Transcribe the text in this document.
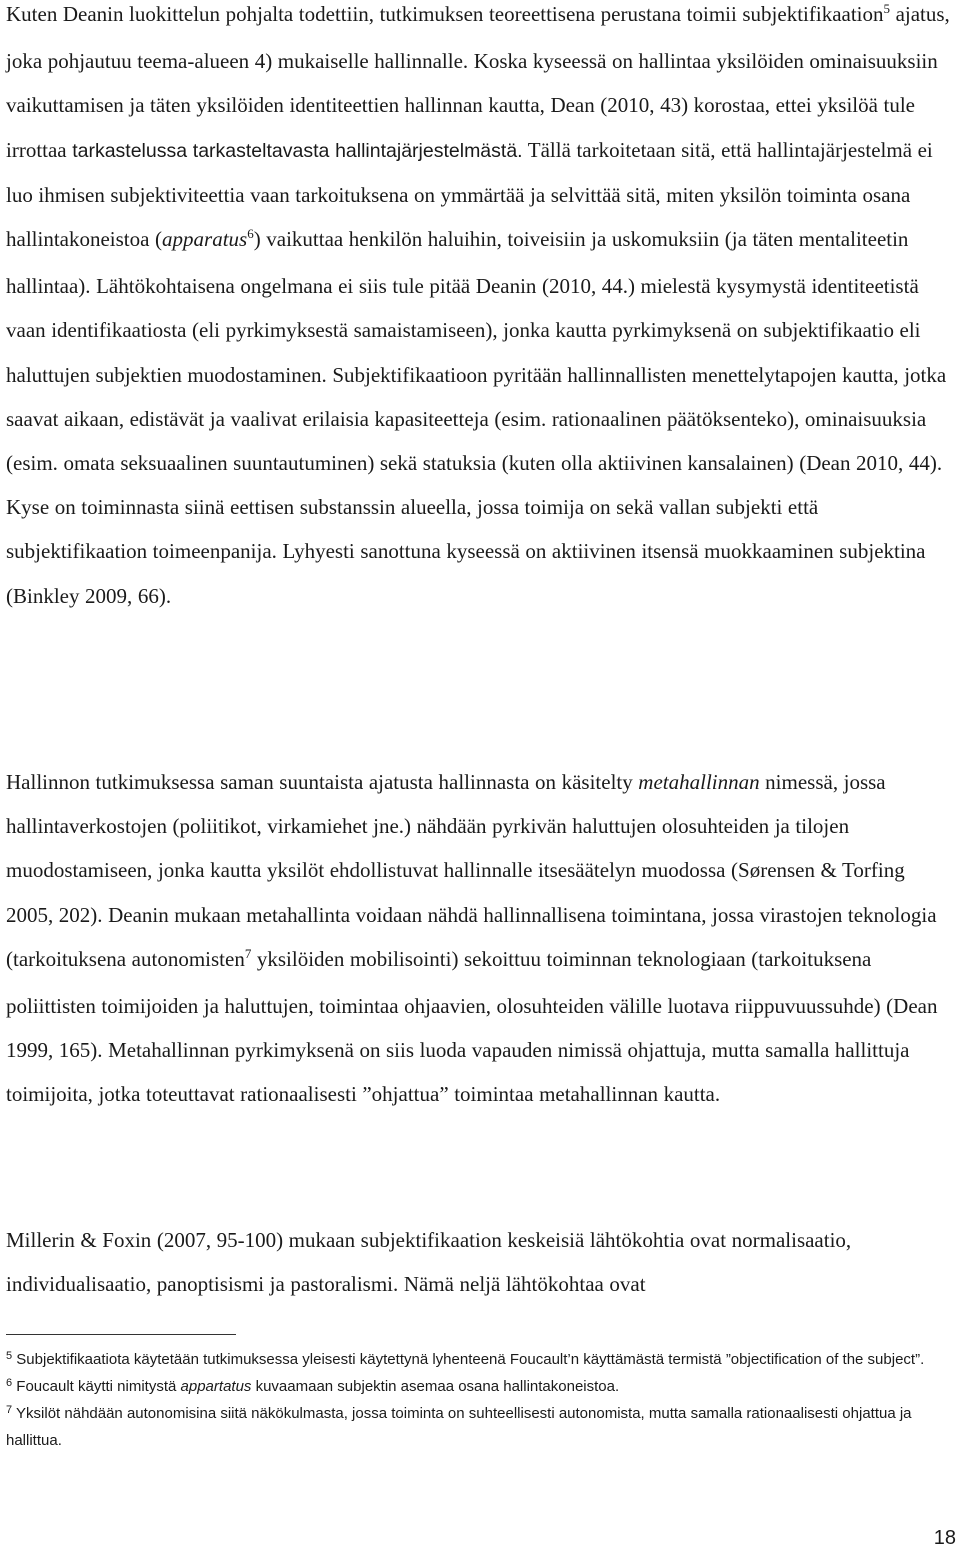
Kuten Deanin luokittelun pohjalta todettiin, tutkimuksen teoreettisena perustana toimii subjektifikaation$^5$ ajatus, joka pohjautuu teema-alueen 4) mukaiselle hallinnalle. Koska kyseessä on hallintaa yksilöiden ominaisuuksiin vaikuttamisen ja täten yksilöiden identiteettien hallinnan kautta, Dean (2010, 43) korostaa, ettei yksilöä tule irrottaa tarkastelussa tarkasteltavasta hallintajärjestelmästä. Tällä tarkoitetaan sitä, että hallintajärjestelmä ei luo ihmisen subjektiviteettia vaan tarkoituksena on ymmärtää ja selvittää sitä, miten yksilön toiminta osana hallintakoneistoa (apparatus$^6$) vaikuttaa henkilön haluihin, toiveisiin ja uskomuksiin (ja täten mentaliteetin hallintaa). Lähtökohtaisena ongelmana ei siis tule pitää Deanin (2010, 44.) mielestä kysymystä identiteetistä vaan identifikaatiosta (eli pyrkimyksestä samaistamiseen), jonka kautta pyrkimyksenä on subjektifikaatio eli haluttujen subjektien muodostaminen. Subjektifikaatioon pyritään hallinnallisten menettelytapojen kautta, jotka saavat aikaan, edistävät ja vaalivat erilaisia kapasiteetteja (esim. rationaalinen päätöksenteko), ominaisuuksia (esim. omata seksuaalinen suuntautuminen) sekä statuksia (kuten olla aktiivinen kansalainen) (Dean 2010, 44). Kyse on toiminnasta siinä eettisen substanssin alueella, jossa toimija on sekä vallan subjekti että subjektifikaation toimeenpanija. Lyhyesti sanottuna kyseessä on aktiivinen itsensä muokkaaminen subjektina (Binkley 2009, 66).

Hallinnon tutkimuksessa saman suuntaista ajatusta hallinnasta on käsitelty metahallinnan nimessä, jossa hallintaverkostojen (poliitikot, virkamiehet jne.) nähdään pyrkivän haluttujen olosuhteiden ja tilojen muodostamiseen, jonka kautta yksilöt ehdollistuvat hallinnalle itsesäätelyn muodossa (Sørensen & Torfing 2005, 202). Deanin mukaan metahallinta voidaan nähdä hallinnallisena toimintana, jossa virastojen teknologia (tarkoituksena autonomisten$^7$ yksilöiden mobilisointi) sekoittuu toiminnan teknologiaan (tarkoituksena poliittisten toimijoiden ja haluttujen, toimintaa ohjaavien, olosuhteiden välille luotava riippuvuussuhde) (Dean 1999, 165). Metahallinnan pyrkimyksenä on siis luoda vapauden nimissä ohjattuja, mutta samalla hallittuja toimijoita, jotka toteuttavat rationaalisesti ”ohjattua” toimintaa metahallinnan kautta.

Millerin & Foxin (2007, 95-100) mukaan subjektifikaation keskeisiä lähtökohtia ovat normalisaatio, individualisaatio, panoptisismi ja pastoralismi. Nämä neljä lähtökohtaa ovat

$^5$ Subjektifikaatiota käytetään tutkimuksessa yleisesti käytettynä lyhenteenä Foucault’n käyttämästä termistä ”objectification of the subject”.

$^6$ Foucault käytti nimitystä appartatus kuvaamaan subjektin asemaa osana hallintakoneistoa.

$^7$ Yksilöt nähdään autonomisina siitä näkökulmasta, jossa toiminta on suhteellisesti autonomista, mutta samalla rationaalisesti ohjattua ja hallittua.

18
